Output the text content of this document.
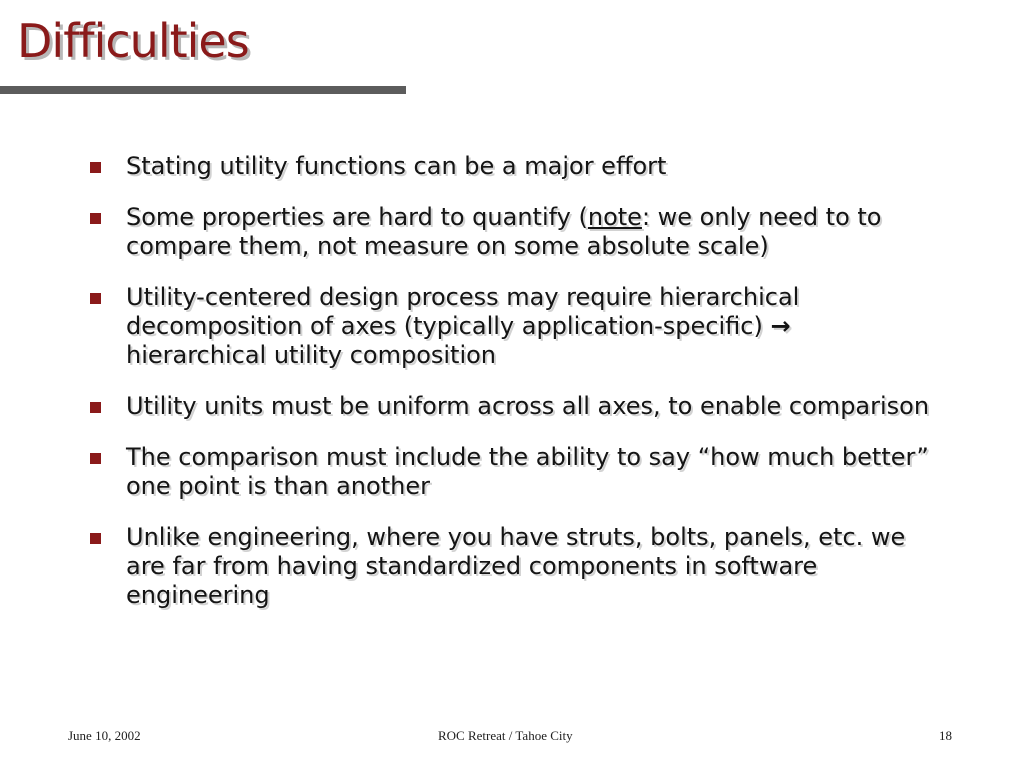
Difficulties
Stating utility functions can be a major effort
Some properties are hard to quantify (note: we only need to to compare them, not measure on some absolute scale)
Utility-centered design process may require hierarchical decomposition of axes (typically application-specific) → hierarchical utility composition
Utility units must be uniform across all axes, to enable comparison
The comparison must include the ability to say “how much better” one point is than another
Unlike engineering, where you have struts, bolts, panels, etc. we are far from having standardized components in software engineering
June 10, 2002	ROC Retreat / Tahoe City	18
